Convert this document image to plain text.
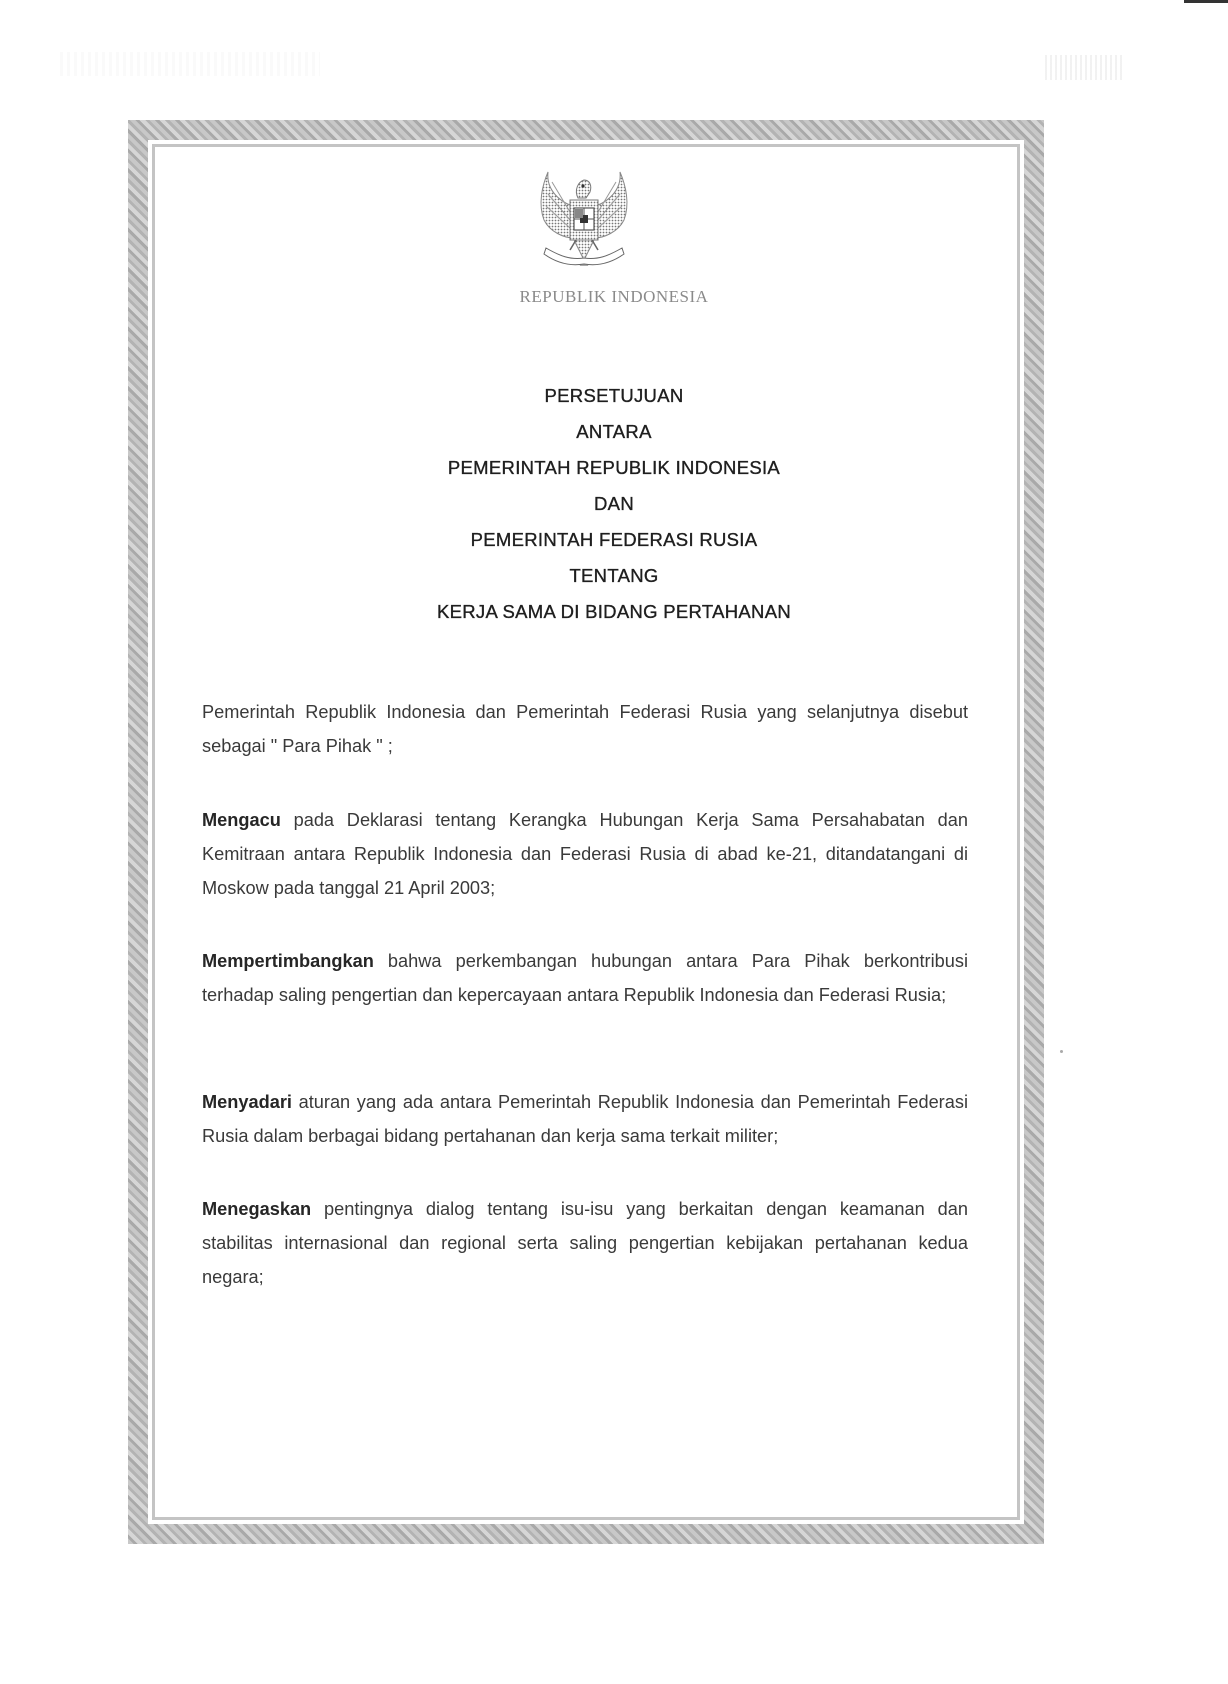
REPUBLIK INDONESIA
PERSETUJUAN
ANTARA
PEMERINTAH REPUBLIK INDONESIA
DAN
PEMERINTAH FEDERASI RUSIA
TENTANG
KERJA SAMA DI BIDANG PERTAHANAN

Pemerintah Republik Indonesia dan Pemerintah Federasi Rusia yang selanjutnya disebut sebagai " Para Pihak " ;

Mengacu pada Deklarasi tentang Kerangka Hubungan Kerja Sama Persahabatan dan Kemitraan antara Republik Indonesia dan Federasi Rusia di abad ke-21, ditandatangani di Moskow pada tanggal 21 April 2003;

Mempertimbangkan bahwa perkembangan hubungan antara Para Pihak berkontribusi terhadap saling pengertian dan kepercayaan antara Republik Indonesia dan Federasi Rusia;

Menyadari aturan yang ada antara Pemerintah Republik Indonesia dan Pemerintah Federasi Rusia dalam berbagai bidang pertahanan dan kerja sama terkait militer;

Menegaskan pentingnya dialog tentang isu-isu yang berkaitan dengan keamanan dan stabilitas internasional dan regional serta saling pengertian kebijakan pertahanan kedua negara;
